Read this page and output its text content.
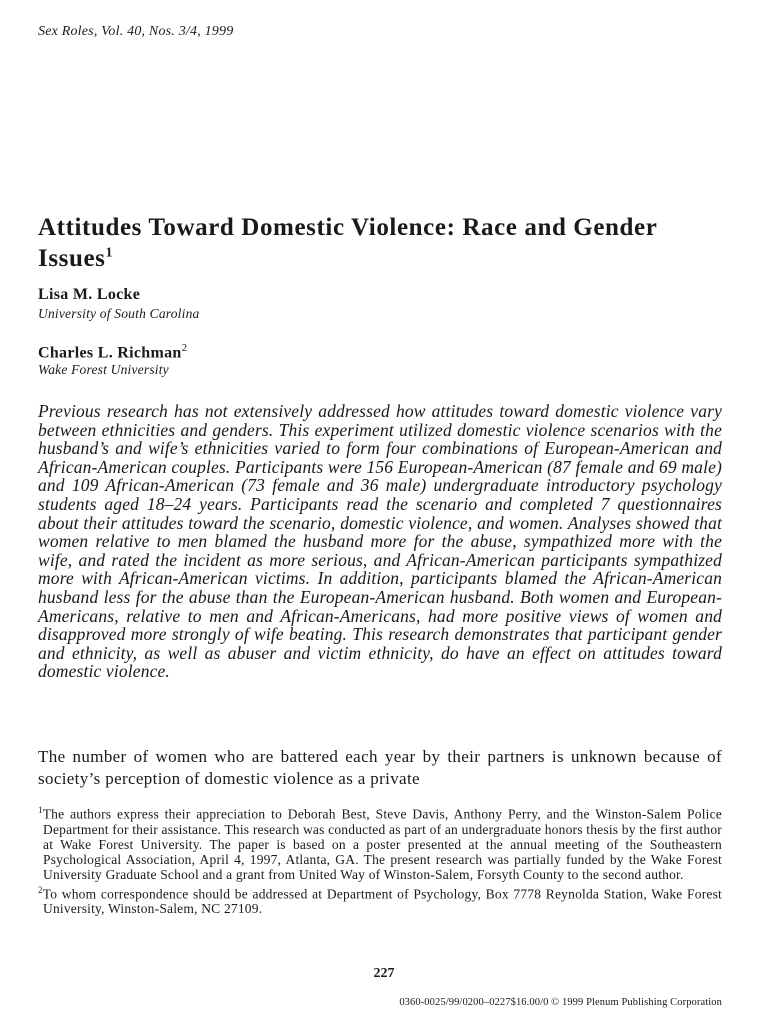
Sex Roles, Vol. 40, Nos. 3/4, 1999
Attitudes Toward Domestic Violence: Race and Gender Issues$^1$
Lisa M. Locke
University of South Carolina
Charles L. Richman$^2$
Wake Forest University
Previous research has not extensively addressed how attitudes toward domestic violence vary between ethnicities and genders. This experiment utilized domestic violence scenarios with the husband’s and wife’s ethnicities varied to form four combinations of European-American and African-American couples. Participants were 156 European-American (87 female and 69 male) and 109 African-American (73 female and 36 male) undergraduate introductory psychology students aged 18–24 years. Participants read the scenario and completed 7 questionnaires about their attitudes toward the scenario, domestic violence, and women. Analyses showed that women relative to men blamed the husband more for the abuse, sympathized more with the wife, and rated the incident as more serious, and African-American participants sympathized more with African-American victims. In addition, participants blamed the African-American husband less for the abuse than the European-American husband. Both women and European-Americans, relative to men and African-Americans, had more positive views of women and disapproved more strongly of wife beating. This research demonstrates that participant gender and ethnicity, as well as abuser and victim ethnicity, do have an effect on attitudes toward domestic violence.
The number of women who are battered each year by their partners is unknown because of society’s perception of domestic violence as a private

$^1$The authors express their appreciation to Deborah Best, Steve Davis, Anthony Perry, and the Winston-Salem Police Department for their assistance. This research was conducted as part of an undergraduate honors thesis by the first author at Wake Forest University. The paper is based on a poster presented at the annual meeting of the Southeastern Psychological Association, April 4, 1997, Atlanta, GA. The present research was partially funded by the Wake Forest University Graduate School and a grant from United Way of Winston-Salem, Forsyth County to the second author.

$^2$To whom correspondence should be addressed at Department of Psychology, Box 7778 Reynolda Station, Wake Forest University, Winston-Salem, NC 27109.

227
0360-0025/99/0200–0227$16.00/0 © 1999 Plenum Publishing Corporation
